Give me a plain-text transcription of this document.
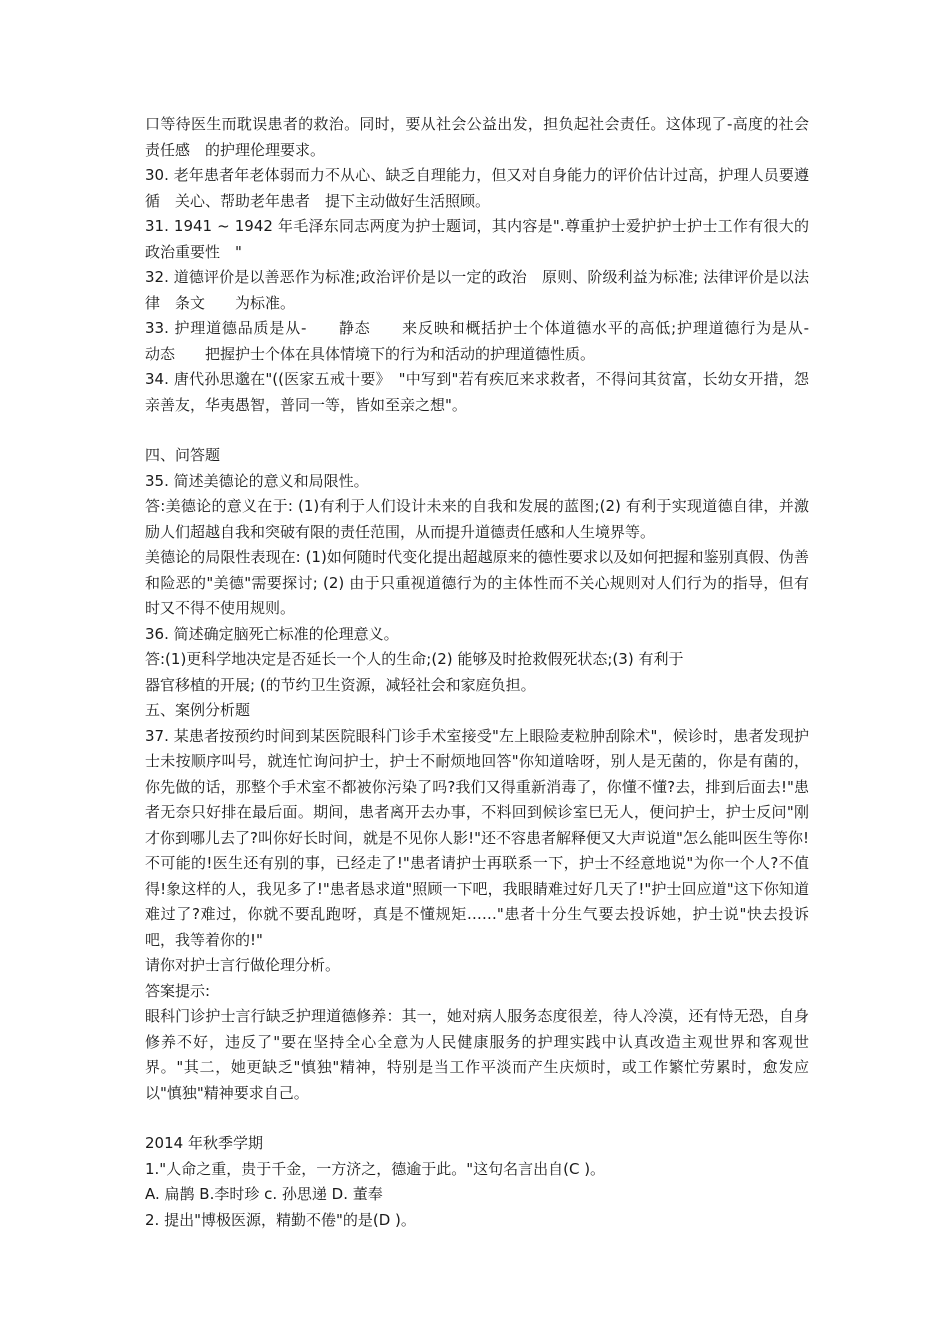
口等待医生而耽误患者的救治。同时，要从社会公益出发，担负起社会责任。这体现了-高度的社会责任感　的护理伦理要求。

30. 老年患者年老体弱而力不从心、缺乏自理能力，但又对自身能力的评价估计过高，护理人员要遵循　关心、帮助老年患者　提下主动做好生活照顾。

31. 1941 ~ 1942 年毛泽东同志两度为护士题词，其内容是".尊重护士爱护护士护士工作有很大的政治重要性　"

32. 道德评价是以善恶作为标准;政治评价是以一定的政治　原则、阶级利益为标准; 法律评价是以法律　条文　　为标准。

33. 护理道德品质是从-　　静态　　来反映和概括护士个体道德水平的高低;护理道德行为是从-　　动态　　把握护士个体在具体情境下的行为和活动的护理道德性质。

34. 唐代孙思邈在"((医家五戒十要》　"中写到"若有疾厄来求救者，不得问其贫富，长幼女开措，怨亲善友，华夷愚智，普同一等，皆如至亲之想"。

四、问答题

35. 简述美德论的意义和局限性。

答:美德论的意义在于: (1)有利于人们设计未来的自我和发展的蓝图;(2) 有利于实现道德自律，并激励人们超越自我和突破有限的责任范围，从而提升道德责任感和人生境界等。

美德论的局限性表现在: (1)如何随时代变化提出超越原来的德性要求以及如何把握和鉴别真假、伪善和险恶的"美德"需要探讨; (2) 由于只重视道德行为的主体性而不关心规则对人们行为的指导，但有时又不得不使用规则。

36. 简述确定脑死亡标准的伦理意义。

答:(1)更科学地决定是否延长一个人的生命;(2) 能够及时抢救假死状态;(3) 有利于

器官移植的开展; (的节约卫生资源，减轻社会和家庭负担。

五、案例分析题

37. 某患者按预约时间到某医院眼科门诊手术室接受"左上眼险麦粒肿刮除术"，候诊时，患者发现护士未按顺序叫号，就连忙询问护士，护士不耐烦地回答"你知道啥呀，别人是无菌的，你是有菌的，你先做的话，那整个手术室不都被你污染了吗?我们又得重新消毒了，你懂不懂?去，排到后面去!"患者无奈只好排在最后面。期间，患者离开去办事，不料回到候诊室巳无人，便问护士，护士反问"刚才你到哪儿去了?叫你好长时间，就是不见你人影!"还不容患者解释便又大声说道"怎么能叫医生等你!不可能的!医生还有别的事，已经走了!"患者请护士再联系一下，护士不经意地说"为你一个人?不值得!象这样的人，我见多了!"患者恳求道"照顾一下吧，我眼睛难过好几天了!"护士回应道"这下你知道难过了?难过，你就不要乱跑呀，真是不懂规矩……"患者十分生气要去投诉她，护士说"快去投诉吧，我等着你的!"

请你对护士言行做伦理分析。

答案提示:

眼科门诊护士言行缺乏护理道德修养：其一，她对病人服务态度很差，待人冷漠，还有恃无恐，自身修养不好，违反了"要在坚持全心全意为人民健康服务的护理实践中认真改造主观世界和客观世界。"其二，她更缺乏"慎独"精神，特别是当工作平淡而产生庆烦时，或工作繁忙劳累时，愈发应以"慎独"精神要求自己。

2014 年秋季学期

1."人命之重，贵于千金，一方济之，德逾于此。"这句名言出自(C )。

A. 扁鹊 B.李时珍 c. 孙思递 D. 董奉

2. 提出"博极医源，精勤不倦"的是(D )。
